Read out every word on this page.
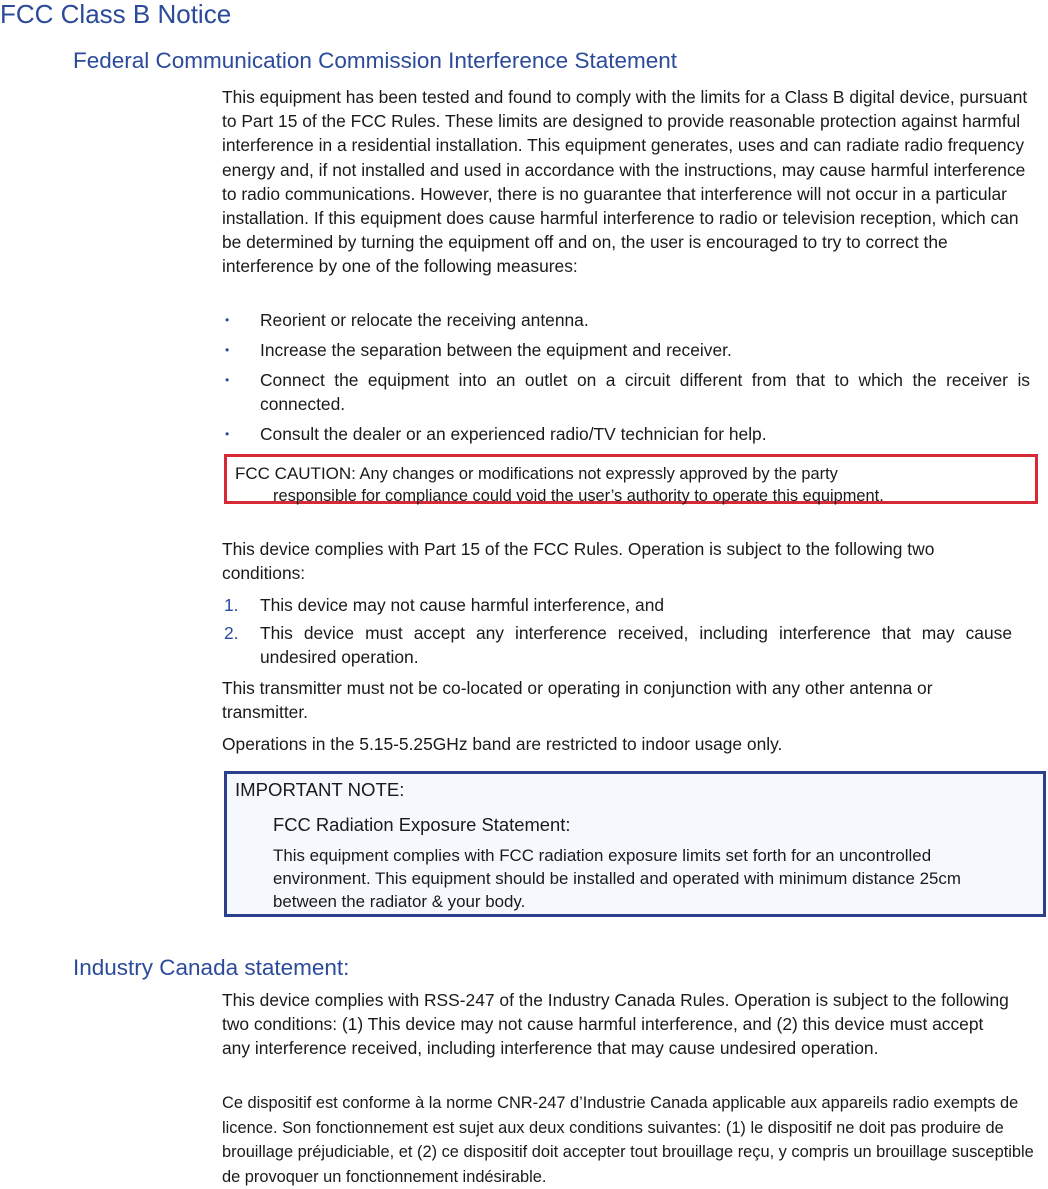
FCC Class B Notice
Federal Communication Commission Interference Statement

This equipment has been tested and found to comply with the limits for a Class B digital device, pursuant to Part 15 of the FCC Rules. These limits are designed to provide reasonable protection against harmful interference in a residential installation. This equipment generates, uses and can radiate radio frequency energy and, if not installed and used in accordance with the instructions, may cause harmful interference to radio communications. However, there is no guarantee that interference will not occur in a particular installation. If this equipment does cause harmful interference to radio or television reception, which can be determined by turning the equipment off and on, the user is encouraged to try to correct the interference by one of the following measures:

• Reorient or relocate the receiving antenna.
• Increase the separation between the equipment and receiver.
• Connect the equipment into an outlet on a circuit different from that to which the receiver is connected.
• Consult the dealer or an experienced radio/TV technician for help.
FCC CAUTION: Any changes or modifications not expressly approved by the party
responsible for compliance could void the user’s authority to operate this equipment.

This device complies with Part 15 of the FCC Rules. Operation is subject to the following two conditions:

1. This device may not cause harmful interference, and
2. This device must accept any interference received, including interference that may cause undesired operation.

This transmitter must not be co-located or operating in conjunction with any other antenna or transmitter.

Operations in the 5.15-5.25GHz band are restricted to indoor usage only.

IMPORTANT NOTE:
FCC Radiation Exposure Statement:
This equipment complies with FCC radiation exposure limits set forth for an uncontrolled environment. This equipment should be installed and operated with minimum distance 25cm between the radiator & your body.
Industry Canada statement:

This device complies with RSS-247 of the Industry Canada Rules. Operation is subject to the following two conditions: (1) This device may not cause harmful interference, and (2) this device must accept any interference received, including interference that may cause undesired operation.

Ce dispositif est conforme à la norme CNR-247 d’Industrie Canada applicable aux appareils radio exempts de licence. Son fonctionnement est sujet aux deux conditions suivantes: (1) le dispositif ne doit pas produire de brouillage préjudiciable, et (2) ce dispositif doit accepter tout brouillage reçu, y compris un brouillage susceptible de provoquer un fonctionnement indésirable.
